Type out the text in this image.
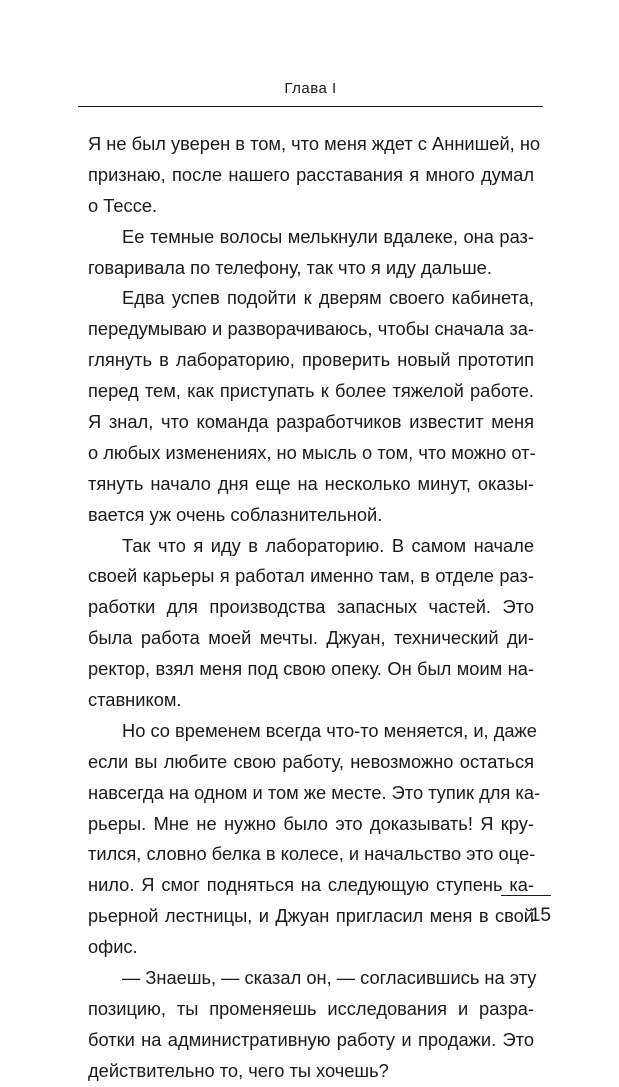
Глава I
Я не был уверен в том, что меня ждет с Аннишей, но
признаю, после нашего расставания я много думал
о Тессе.
Ее темные волосы мелькнули вдалеке, она раз-
говаривала по телефону, так что я иду дальше.
Едва успев подойти к дверям своего кабинета,
передумываю и разворачиваюсь, чтобы сначала за-
глянуть в лабораторию, проверить новый прототип
перед тем, как приступать к более тяжелой работе.
Я знал, что команда разработчиков известит меня
о любых изменениях, но мысль о том, что можно от-
тянуть начало дня еще на несколько минут, оказы-
вается уж очень соблазнительной.
Так что я иду в лабораторию. В самом начале
своей карьеры я работал именно там, в отделе раз-
работки для производства запасных частей. Это
была работа моей мечты. Джуан, технический ди-
ректор, взял меня под свою опеку. Он был моим на-
ставником.
Но со временем всегда что-то меняется, и, даже
если вы любите свою работу, невозможно остаться
навсегда на одном и том же месте. Это тупик для ка-
рьеры. Мне не нужно было это доказывать! Я кру-
тился, словно белка в колесе, и начальство это оце-
нило. Я смог подняться на следующую ступень ка-
рьерной лестницы, и Джуан пригласил меня в свой
офис.
— Знаешь, — сказал он, — согласившись на эту
позицию, ты променяешь исследования и разра-
ботки на административную работу и продажи. Это
действительно то, чего ты хочешь?
15
